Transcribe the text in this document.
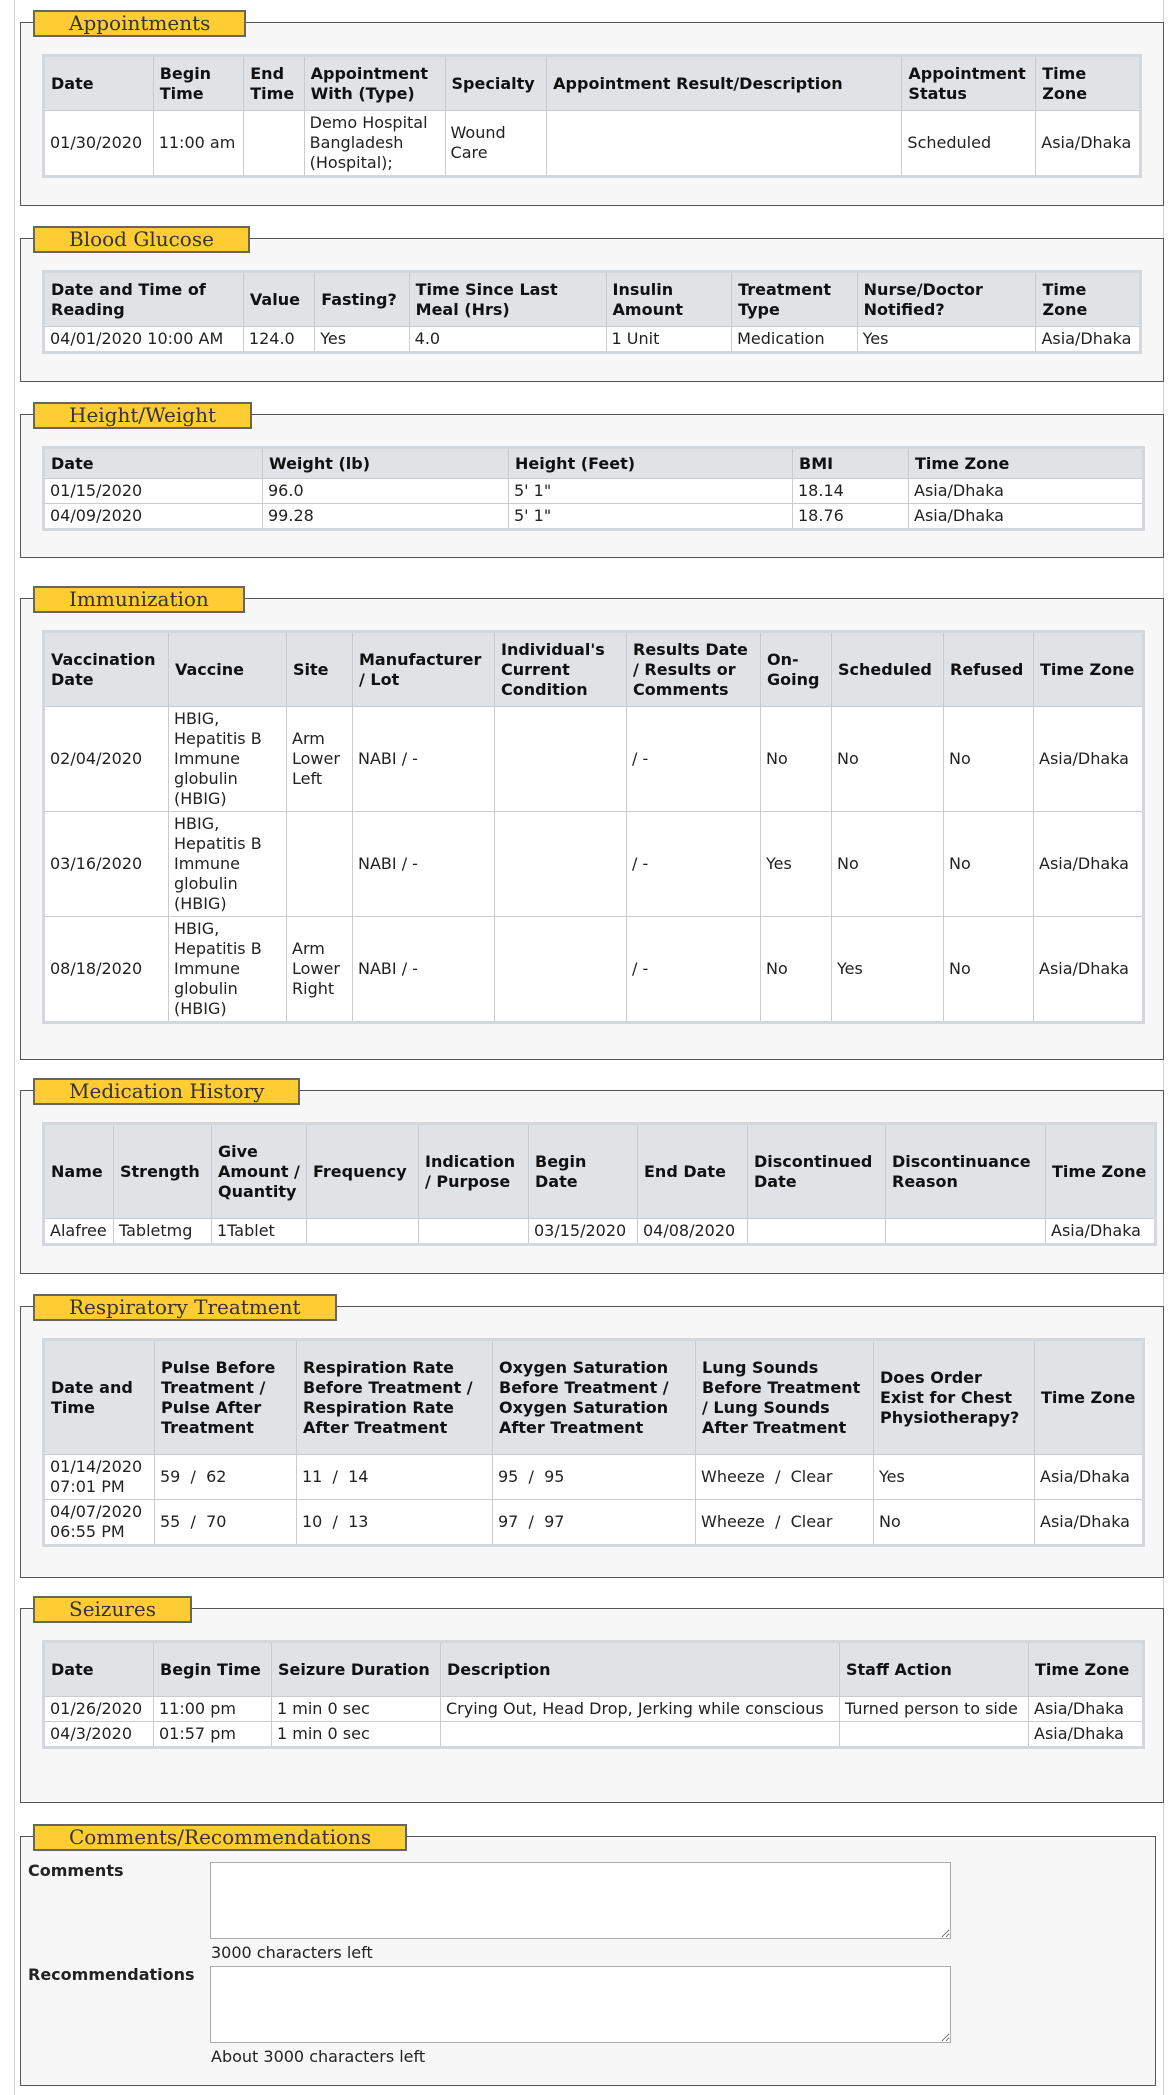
Appointments
Date	Begin Time	End Time	Appointment With (Type)	Specialty	Appointment Result/Description	Appointment Status	Time Zone
01/30/2020	11:00 am		Demo Hospital Bangladesh (Hospital);	Wound Care		Scheduled	Asia/Dhaka
Blood Glucose
Date and Time of Reading	Value	Fasting?	Time Since Last Meal (Hrs)	Insulin Amount	Treatment Type	Nurse/Doctor Notified?	Time Zone
04/01/2020 10:00 AM	124.0	Yes	4.0	1 Unit	Medication	Yes	Asia/Dhaka
Height/Weight
Date	Weight (lb)	Height (Feet)	BMI	Time Zone
01/15/2020	96.0	5' 1"	18.14	Asia/Dhaka
04/09/2020	99.28	5' 1"	18.76	Asia/Dhaka
Immunization
Vaccination Date	Vaccine	Site	Manufacturer / Lot	Individual's Current Condition	Results Date / Results or Comments	On-Going	Scheduled	Refused	Time Zone
02/04/2020	HBIG, Hepatitis B Immune globulin (HBIG)	Arm Lower Left	NABI / -		/ -	No	No	No	Asia/Dhaka
03/16/2020	HBIG, Hepatitis B Immune globulin (HBIG)		NABI / -		/ -	Yes	No	No	Asia/Dhaka
08/18/2020	HBIG, Hepatitis B Immune globulin (HBIG)	Arm Lower Right	NABI / -		/ -	No	Yes	No	Asia/Dhaka
Medication History
Name	Strength	Give Amount / Quantity	Frequency	Indication / Purpose	Begin Date	End Date	Discontinued Date	Discontinuance Reason	Time Zone
Alafree	Tabletmg	1Tablet			03/15/2020	04/08/2020			Asia/Dhaka
Respiratory Treatment
Date and Time	Pulse Before Treatment / Pulse After Treatment	Respiration Rate Before Treatment / Respiration Rate After Treatment	Oxygen Saturation Before Treatment / Oxygen Saturation After Treatment	Lung Sounds Before Treatment / Lung Sounds After Treatment	Does Order Exist for Chest Physiotherapy?	Time Zone
01/14/2020 07:01 PM	59  /  62	11  /  14	95  /  95	Wheeze  /  Clear	Yes	Asia/Dhaka
04/07/2020 06:55 PM	55  /  70	10  /  13	97  /  97	Wheeze  /  Clear	No	Asia/Dhaka
Seizures
Date	Begin Time	Seizure Duration	Description	Staff Action	Time Zone
01/26/2020	11:00 pm	1 min 0 sec	Crying Out, Head Drop, Jerking while conscious	Turned person to side	Asia/Dhaka
04/3/2020	01:57 pm	1 min 0 sec			Asia/Dhaka
Comments/Recommendations
Comments
3000 characters left
Recommendations
About 3000 characters left
